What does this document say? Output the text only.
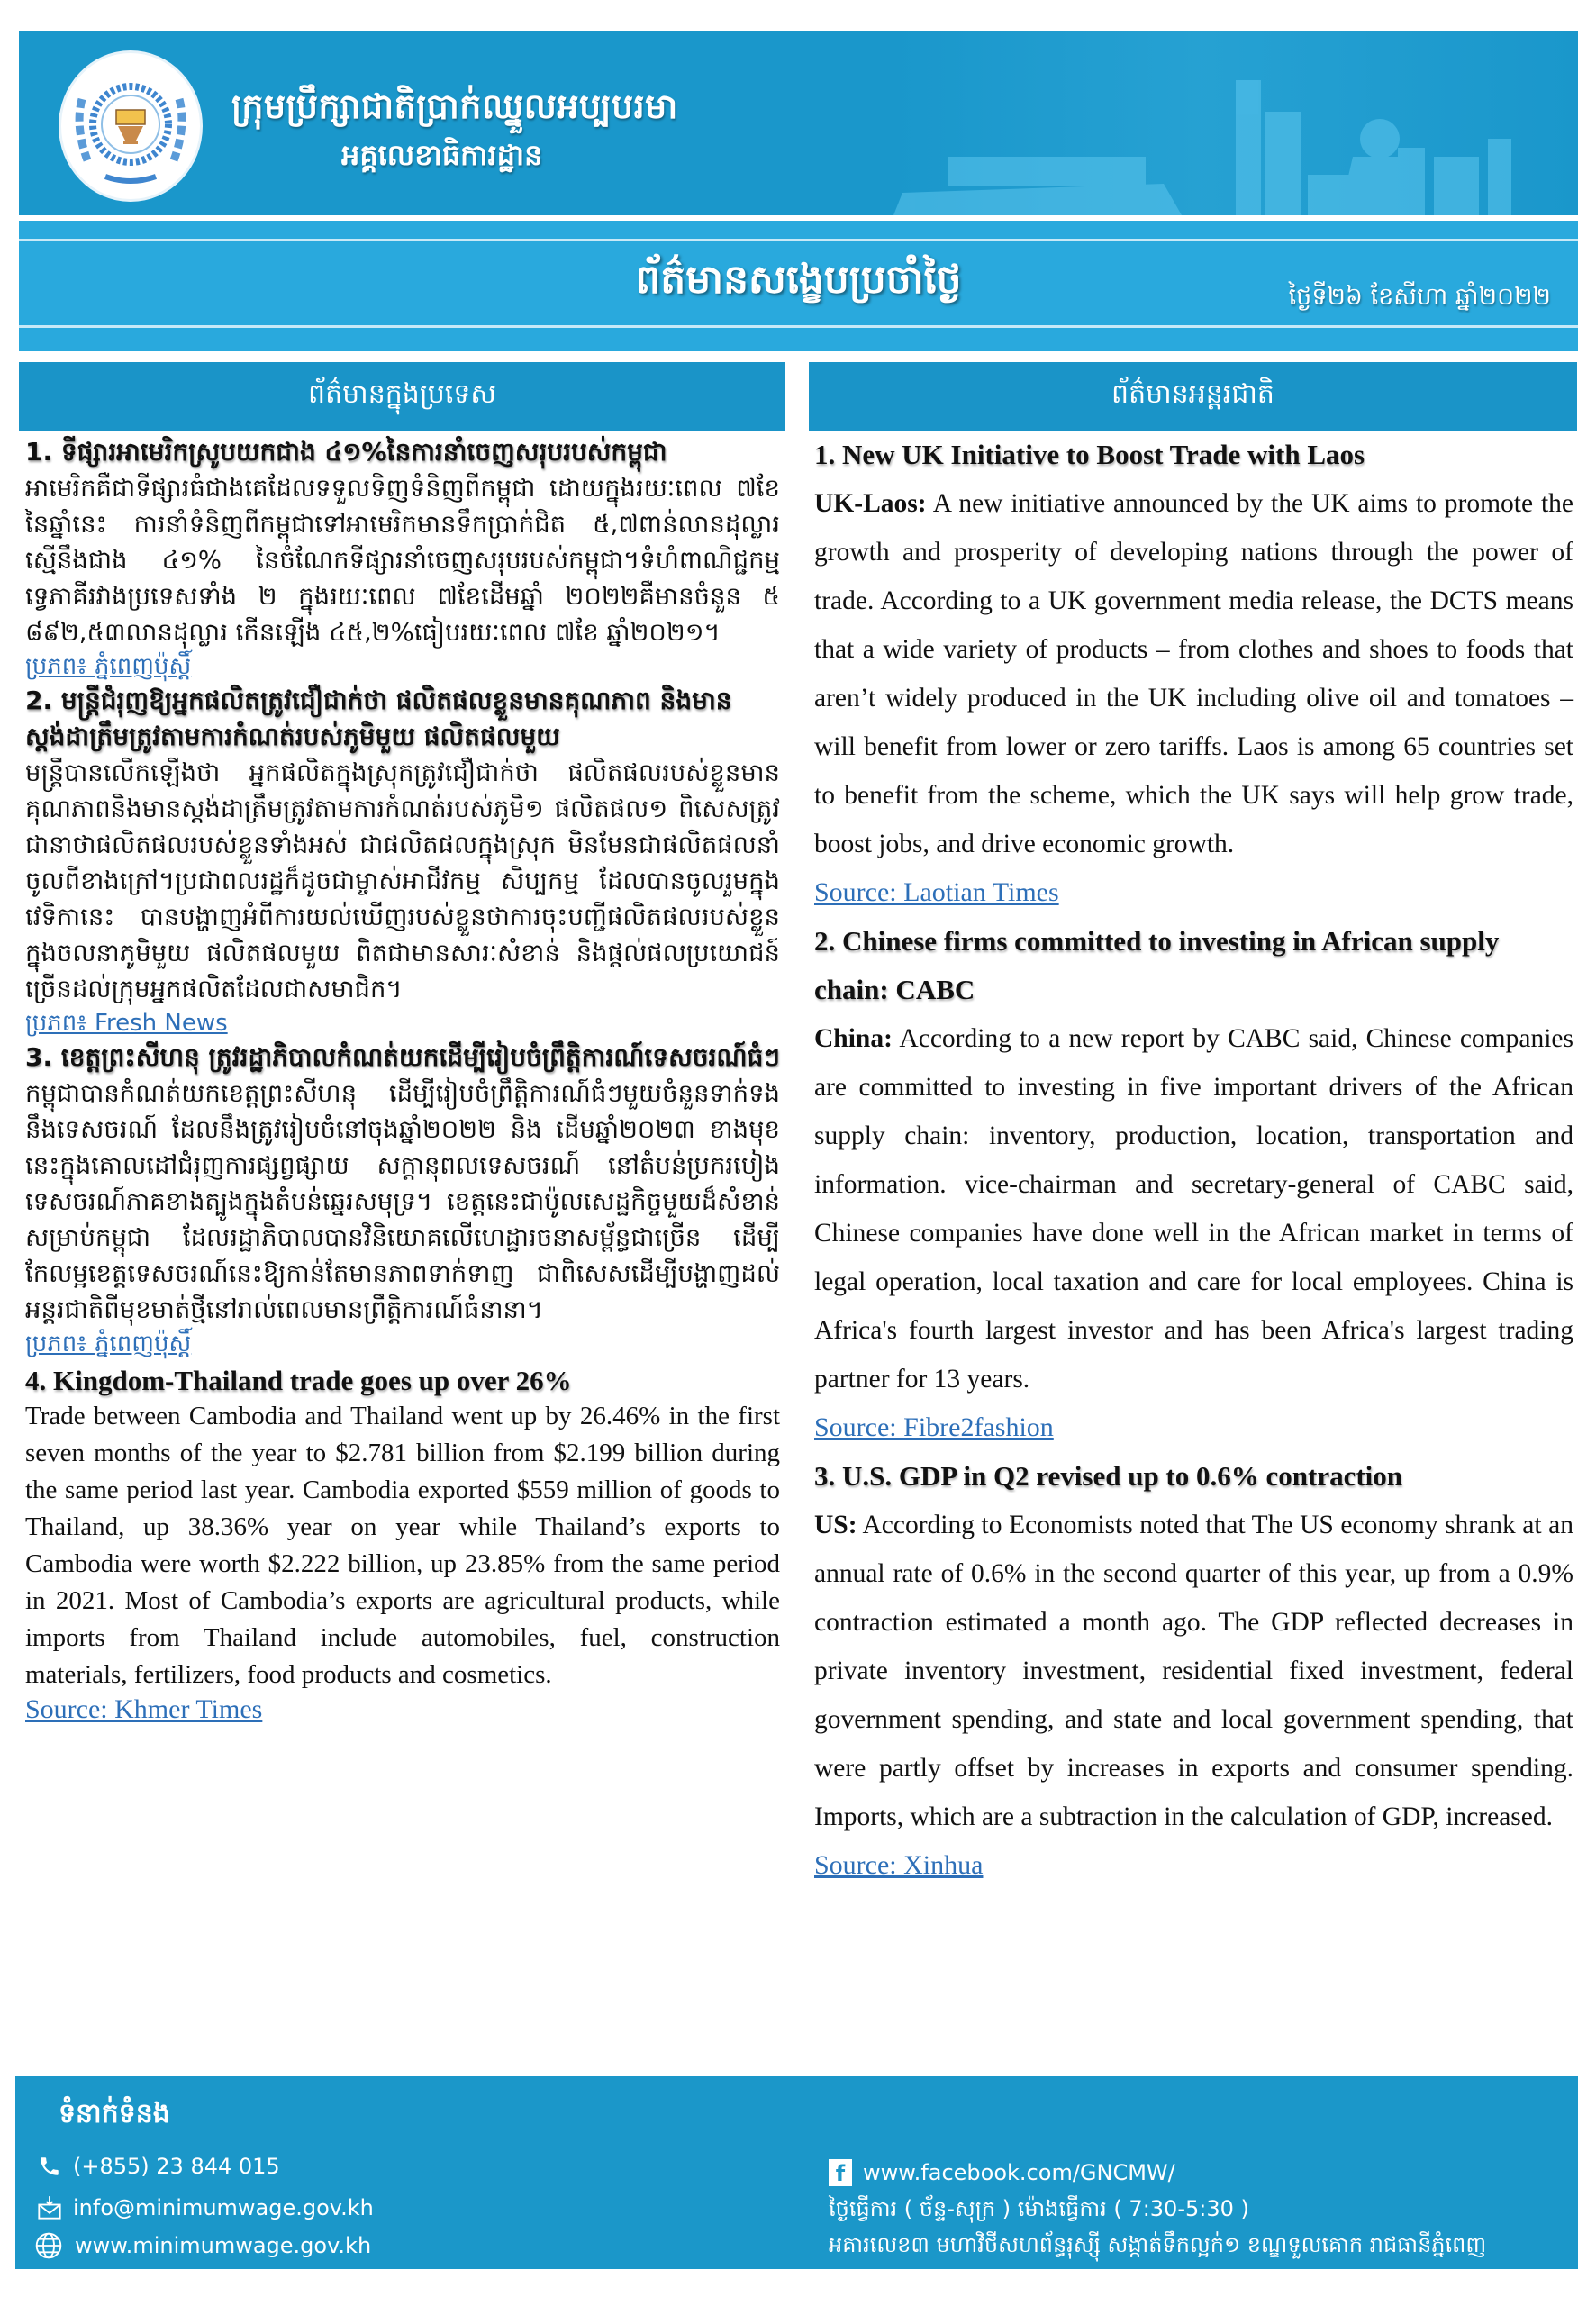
ក្រុមប្រឹក្សាជាតិប្រាក់ឈ្នួលអប្បបរមា
អគ្គលេខាធិការដ្ឋាន
ព័ត៌មានសង្ខេបប្រចាំថ្ងៃ	ថ្ងៃទី២៦ ខែសីហា ឆ្នាំ២០២២
ព័ត៌មានក្នុងប្រទេស	ព័ត៌មានអន្តរជាតិ
1. ទីផ្សារអាមេរិកស្រូបយកជាង ៤១%នៃការនាំចេញសរុបរបស់កម្ពុជា
អាមេរិកគឺជាទីផ្សារធំជាងគេដែលទទួលទិញទំនិញពីកម្ពុជា ដោយក្នុងរយៈពេល ៧ខែ នៃឆ្នាំនេះ ការនាំទំនិញពីកម្ពុជាទៅអាមេរិកមានទឹកប្រាក់ជិត ៥,៧ពាន់លានដុល្លារ ស្មើនឹងជាង ៤១% នៃចំណែកទីផ្សារនាំចេញសរុបរបស់កម្ពុជា។ទំហំពាណិជ្ជកម្មទ្វេភាគីរវាងប្រទេសទាំង ២ ក្នុងរយៈពេល ៧ខែដើមឆ្នាំ ២០២២គឺមានចំនួន ៥ ៨៩២,៥៣លានដុល្លារ កើនឡើង ៤៥,២%ធៀបរយៈពេល ៧ខែ ឆ្នាំ២០២១។
ប្រភព៖ ភ្នំពេញប៉ុស្តិ៍
2. មន្រ្តីជំរុញឱ្យអ្នកផលិតត្រូវជឿជាក់ថា ផលិតផលខ្លួនមានគុណភាព និងមានស្តង់ដាត្រឹមត្រូវតាមការកំណត់របស់ភូមិមួយ ផលិតផលមួយ
មន្ត្រីបានលើកឡើងថា អ្នកផលិតក្នុងស្រុកត្រូវជឿជាក់ថា ផលិតផលរបស់ខ្លួនមានគុណភាពនិងមានស្តង់ដាត្រឹមត្រូវតាមការកំណត់របស់ភូមិ១ ផលិតផល១ ពិសេសត្រូវជានាថាផលិតផលរបស់ខ្លួនទាំងអស់ ជាផលិតផលក្នុងស្រុក មិនមែនជាផលិតផលនាំចូលពីខាងក្រៅ។ប្រជាពលរដ្ឋក៏ដូចជាម្ចាស់អាជីវកម្ម សិប្បកម្ម ដែលបានចូលរួមក្នុងវេទិកានេះ បានបង្ហាញអំពីការយល់ឃើញរបស់ខ្លួនថាការចុះបញ្ជីផលិតផលរបស់ខ្លួនក្នុងចលនាភូមិមួយ ផលិតផលមួយ ពិតជាមានសារៈសំខាន់ និងផ្តល់ផលប្រយោជន៍ច្រើនដល់ក្រុមអ្នកផលិតដែលជាសមាជិក។
ប្រភព៖ Fresh News
3. ខេត្តព្រះសីហនុ ត្រូវរដ្ឋាភិបាលកំណត់យកដើម្បីរៀបចំព្រឹត្តិការណ៍ទេសចរណ៍ធំៗ
កម្ពុជាបានកំណត់យកខេត្តព្រះសីហនុ ដើម្បីរៀបចំព្រឹត្តិការណ៍ធំៗមួយចំនួនទាក់ទងនឹងទេសចរណ៍ ដែលនឹងត្រូវរៀបចំនៅចុងឆ្នាំ២០២២ និង ដើមឆ្នាំ២០២៣ ខាងមុខនេះក្នុងគោលដៅជំរុញការផ្សព្វផ្សាយ សក្តានុពលទេសចរណ៍ នៅតំបន់ប្រករបៀងទេសចរណ៍ភាគខាងត្បូងក្នុងតំបន់ឆ្នេរសមុទ្រ។ ខេត្តនេះជាប៉ូលសេដ្ឋកិច្ចមួយដ៏សំខាន់សម្រាប់កម្ពុជា ដែលរដ្ឋាភិបាលបានវិនិយោគលើហេដ្ឋារចនាសម្ព័ន្ធជាច្រើន ដើម្បីកែលម្អខេត្តទេសចរណ៍នេះឱ្យកាន់តែមានភាពទាក់ទាញ ជាពិសេសដើម្បីបង្ហាញដល់អន្តរជាតិពីមុខមាត់ថ្មីនៅរាល់ពេលមានព្រឹត្តិការណ៍ធំនានា។
ប្រភព៖ ភ្នំពេញប៉ុស្តិ៍
4. Kingdom-Thailand trade goes up over 26%
Trade between Cambodia and Thailand went up by 26.46% in the first seven months of the year to $2.781 billion from $2.199 billion during the same period last year. Cambodia exported $559 million of goods to Thailand, up 38.36% year on year while Thailand’s exports to Cambodia were worth $2.222 billion, up 23.85% from the same period in 2021. Most of Cambodia’s exports are agricultural products, while imports from Thailand include automobiles, fuel, construction materials, fertilizers, food products and cosmetics.
Source: Khmer Times
1. New UK Initiative to Boost Trade with Laos
UK-Laos: A new initiative announced by the UK aims to promote the growth and prosperity of developing nations through the power of trade. According to a UK government media release, the DCTS means that a wide variety of products – from clothes and shoes to foods that aren’t widely produced in the UK including olive oil and tomatoes – will benefit from lower or zero tariffs. Laos is among 65 countries set to benefit from the scheme, which the UK says will help grow trade, boost jobs, and drive economic growth.
Source: Laotian Times
2. Chinese firms committed to investing in African supply chain: CABC
China: According to a new report by CABC said, Chinese companies are committed to investing in five important drivers of the African supply chain: inventory, production, location, transportation and information. vice-chairman and secretary-general of CABC said, Chinese companies have done well in the African market in terms of legal operation, local taxation and care for local employees. China is Africa's fourth largest investor and has been Africa's largest trading partner for 13 years.
Source: Fibre2fashion
3. U.S. GDP in Q2 revised up to 0.6% contraction
US: According to Economists noted that The US economy shrank at an annual rate of 0.6% in the second quarter of this year, up from a 0.9% contraction estimated a month ago. The GDP reflected decreases in private inventory investment, residential fixed investment, federal government spending, and state and local government spending, that were partly offset by increases in exports and consumer spending. Imports, which are a subtraction in the calculation of GDP, increased.
Source: Xinhua
ទំនាក់ទំនង
(+855) 23 844 015
info@minimumwage.gov.kh
www.minimumwage.gov.kh
f www.facebook.com/GNCMW/
ថ្ងៃធ្វើការ ( ច័ន្ទ-សុក្រ ) ម៉ោងធ្វើការ ( 7:30-5:30 )
អគារលេខ៣ មហាវិថីសហព័ន្ធរុស្ស៊ី សង្កាត់ទឹកល្អក់១ ខណ្ឌទួលគោក រាជធានីភ្នំពេញ
